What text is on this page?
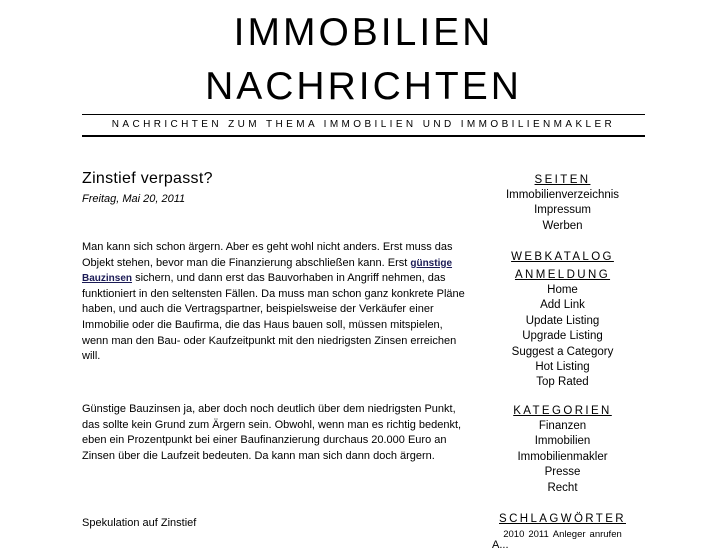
IMMOBILIEN
NACHRICHTEN
NACHRICHTEN ZUM THEMA IMMOBILIEN UND IMMOBILIENMAKLER
Zinstief verpasst?
Freitag, Mai 20, 2011

Man kann sich schon ärgern. Aber es geht wohl nicht anders. Erst muss das Objekt stehen, bevor man die Finanzierung abschließen kann. Erst günstige Bauzinsen sichern, und dann erst das Bauvorhaben in Angriff nehmen, das funktioniert in den seltensten Fällen. Da muss man schon ganz konkrete Pläne haben, und auch die Vertragspartner, beispielsweise der Verkäufer einer Immobilie oder die Baufirma, die das Haus bauen soll, müssen mitspielen, wenn man den Bau- oder Kaufzeitpunkt mit den niedrigsten Zinsen erreichen will.

Günstige Bauzinsen ja, aber doch noch deutlich über dem niedrigsten Punkt, das sollte kein Grund zum Ärgern sein. Obwohl, wenn man es richtig bedenkt, eben ein Prozentpunkt bei einer Baufinanzierung durchaus 20.000 Euro an Zinsen über die Laufzeit bedeuten. Da kann man sich dann doch ärgern.

Spekulation auf Zinstief

SEITEN
Immobilienverzeichnis
Impressum
Werben
WEBKATALOG
ANMELDUNG
Home
Add Link
Update Listing
Upgrade Listing
Suggest a Category
Hot Listing
Top Rated
KATEGORIEN
Finanzen
Immobilien
Immobilienmakler
Presse
Recht
SCHLAGWÖRTER
2010 2011 Anleger anrufen
A...
